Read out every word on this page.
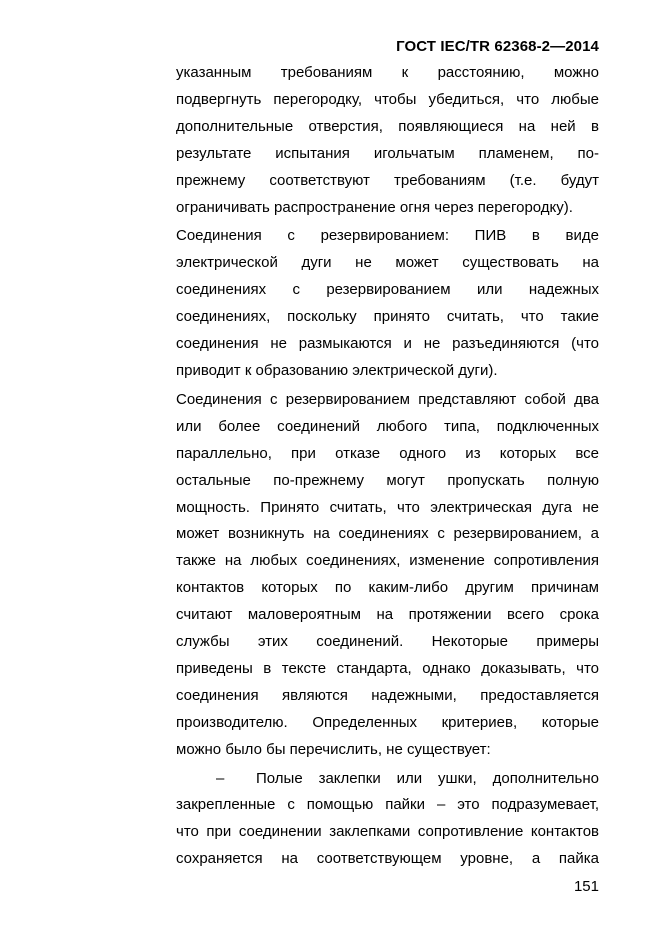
ГОСТ IEC/TR 62368-2—2014

указанным требованиям к расстоянию, можно
подвергнуть перегородку, чтобы убедиться, что любые
дополнительные отверстия, появляющиеся на ней в
результате испытания игольчатым пламенем, по-
прежнему соответствуют требованиям (т.е. будут
ограничивать распространение огня через перегородку).

Соединения с резервированием: ПИВ в виде
электрической дуги не может существовать на
соединениях с резервированием или надежных
соединениях, поскольку принято считать, что такие
соединения не размыкаются и не разъединяются (что
приводит к образованию электрической дуги).

Соединения с резервированием представляют собой два
или более соединений любого типа, подключенных
параллельно, при отказе одного из которых все
остальные по-прежнему могут пропускать полную
мощность. Принято считать, что электрическая дуга не
может возникнуть на соединениях с резервированием, а
также на любых соединениях, изменение сопротивления
контактов которых по каким-либо другим причинам
считают маловероятным на протяжении всего срока
службы этих соединений. Некоторые примеры
приведены в тексте стандарта, однако доказывать, что
соединения являются надежными, предоставляется
производителю. Определенных критериев, которые
можно было бы перечислить, не существует:

– Полые заклепки или ушки, дополнительно
закрепленные с помощью пайки – это подразумевает,
что при соединении заклепками сопротивление контактов
сохраняется на соответствующем уровне, а пайка

151
